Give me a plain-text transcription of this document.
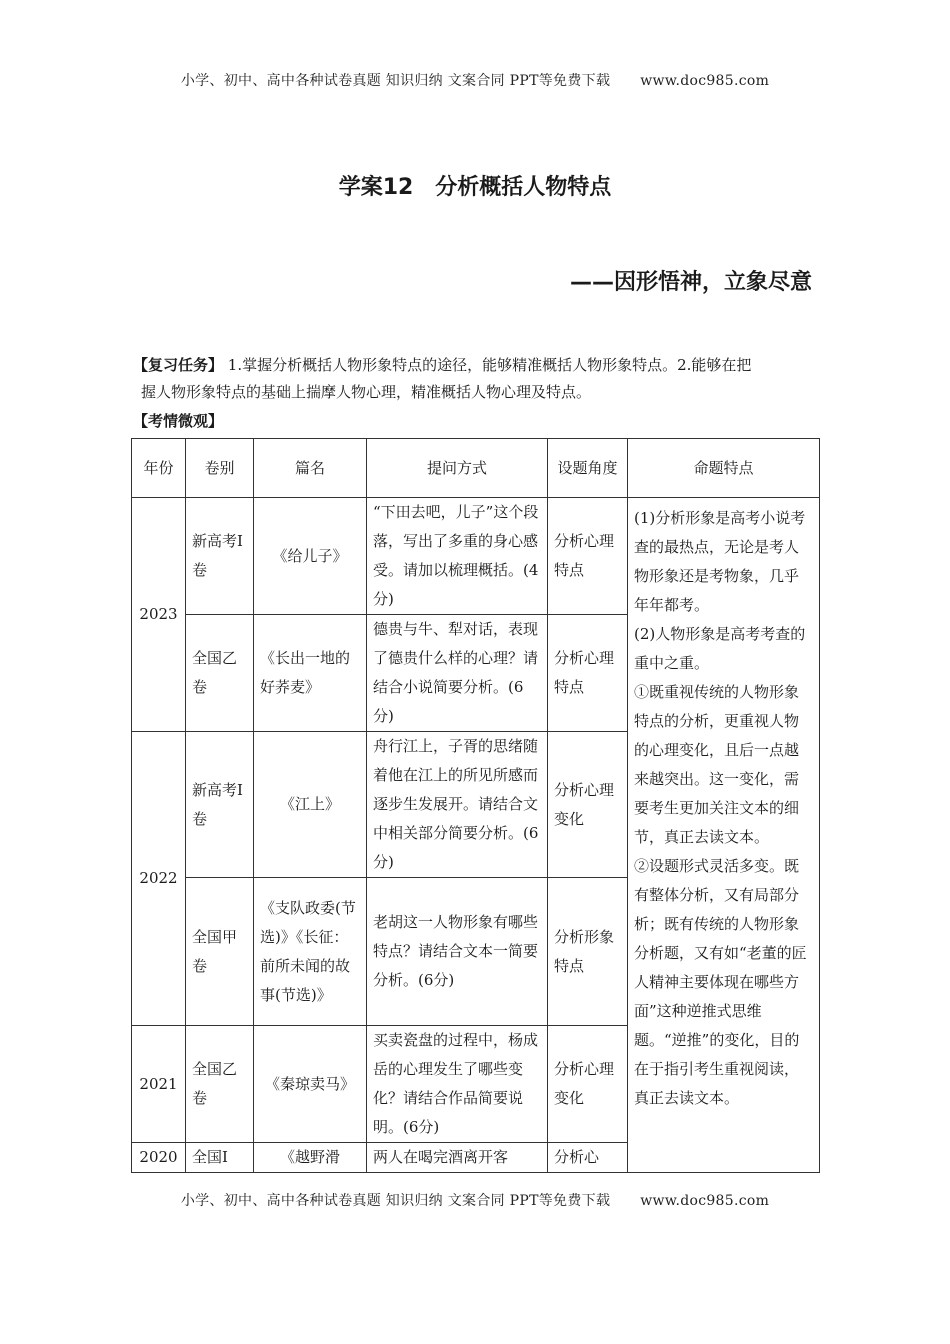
小学、初中、高中各种试卷真题 知识归纳 文案合同 PPT等免费下载 www.doc985.com
学案12　分析概括人物特点
——因形悟神，立象尽意
【复习任务】 1.掌握分析概括人物形象特点的途径，能够精准概括人物形象特点。2.能够在把
握人物形象特点的基础上揣摩人物心理，精准概括人物心理及特点。
【考情微观】
年份	卷别	篇名	提问方式	设题角度	命题特点
2023	新高考Ⅰ卷	《给儿子》	“下田去吧，儿子”这个段落，写出了多重的身心感受。请加以梳理概括。(4分)	分析心理特点	(1)分析形象是高考小说考查的最热点，无论是考人物形象还是考物象，几乎年年都考。

(2)人物形象是高考考查的重中之重。

①既重视传统的人物形象特点的分析，更重视人物的心理变化，且后一点越来越突出。这一变化，需要考生更加关注文本的细节，真正去读文本。

②设题形式灵活多变。既有整体分析，又有局部分析；既有传统的人物形象分析题，又有如“老董的匠人精神主要体现在哪些方面”这种逆推式思维题。“逆推”的变化，目的在于指引考生重视阅读，真正去读文本。

	全国乙卷	《长出一地的好荞麦》	德贵与牛、犁对话，表现了德贵什么样的心理？请结合小说简要分析。(6分)	分析心理特点	
2022	新高考Ⅰ卷	《江上》	舟行江上，子胥的思绪随着他在江上的所见所感而逐步生发展开。请结合文中相关部分简要分析。(6分)	分析心理变化	
	全国甲卷	《支队政委(节选)》《长征：前所未闻的故事(节选)》	老胡这一人物形象有哪些特点？请结合文本一简要分析。(6分)	分析形象特点	
2021	全国乙卷	《秦琼卖马》	买卖瓷盘的过程中，杨成岳的心理发生了哪些变化？请结合作品简要说明。(6分)	分析心理变化	
2020	全国Ⅰ	《越野滑	两人在喝完酒离开客	分析心	
小学、初中、高中各种试卷真题 知识归纳 文案合同 PPT等免费下载 www.doc985.com
